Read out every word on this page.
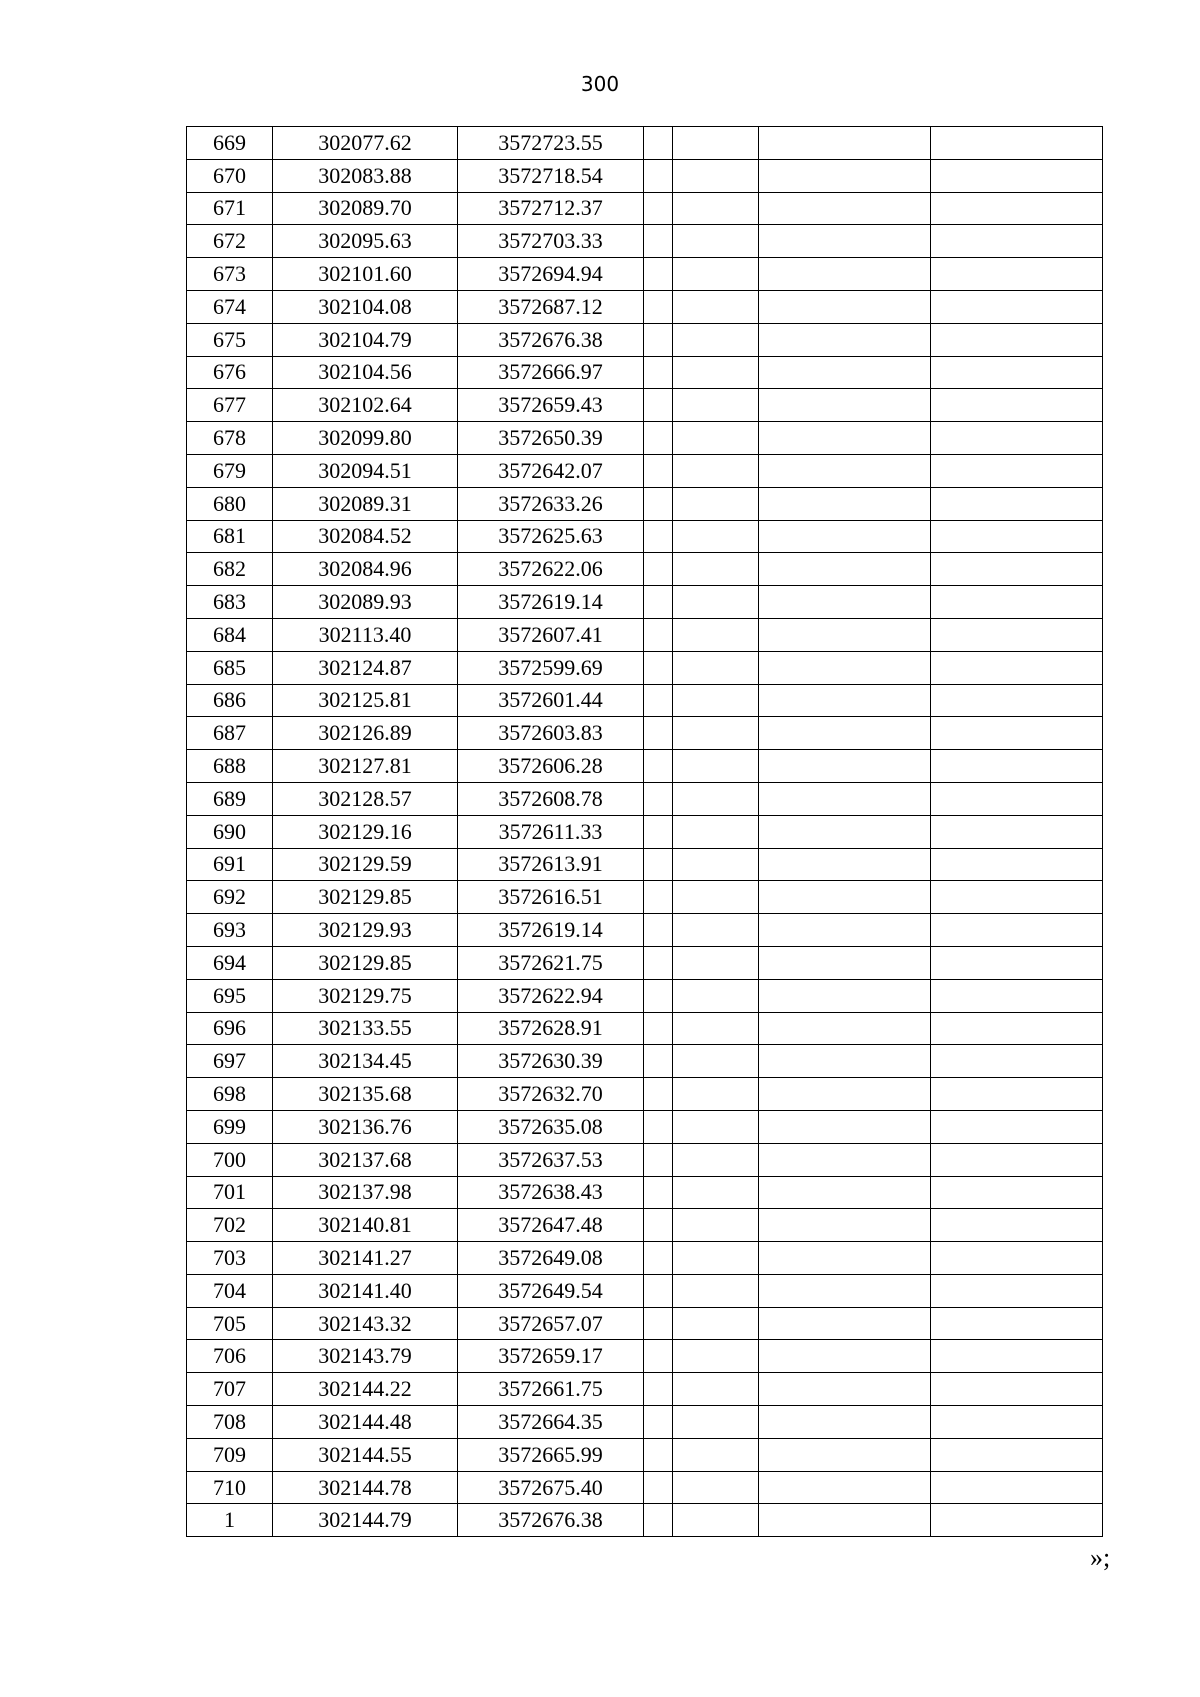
300
669	302077.62	3572723.55				
670	302083.88	3572718.54				
671	302089.70	3572712.37				
672	302095.63	3572703.33				
673	302101.60	3572694.94				
674	302104.08	3572687.12				
675	302104.79	3572676.38				
676	302104.56	3572666.97				
677	302102.64	3572659.43				
678	302099.80	3572650.39				
679	302094.51	3572642.07				
680	302089.31	3572633.26				
681	302084.52	3572625.63				
682	302084.96	3572622.06				
683	302089.93	3572619.14				
684	302113.40	3572607.41				
685	302124.87	3572599.69				
686	302125.81	3572601.44				
687	302126.89	3572603.83				
688	302127.81	3572606.28				
689	302128.57	3572608.78				
690	302129.16	3572611.33				
691	302129.59	3572613.91				
692	302129.85	3572616.51				
693	302129.93	3572619.14				
694	302129.85	3572621.75				
695	302129.75	3572622.94				
696	302133.55	3572628.91				
697	302134.45	3572630.39				
698	302135.68	3572632.70				
699	302136.76	3572635.08				
700	302137.68	3572637.53				
701	302137.98	3572638.43				
702	302140.81	3572647.48				
703	302141.27	3572649.08				
704	302141.40	3572649.54				
705	302143.32	3572657.07				
706	302143.79	3572659.17				
707	302144.22	3572661.75				
708	302144.48	3572664.35				
709	302144.55	3572665.99				
710	302144.78	3572675.40				
1	302144.79	3572676.38				
»;
